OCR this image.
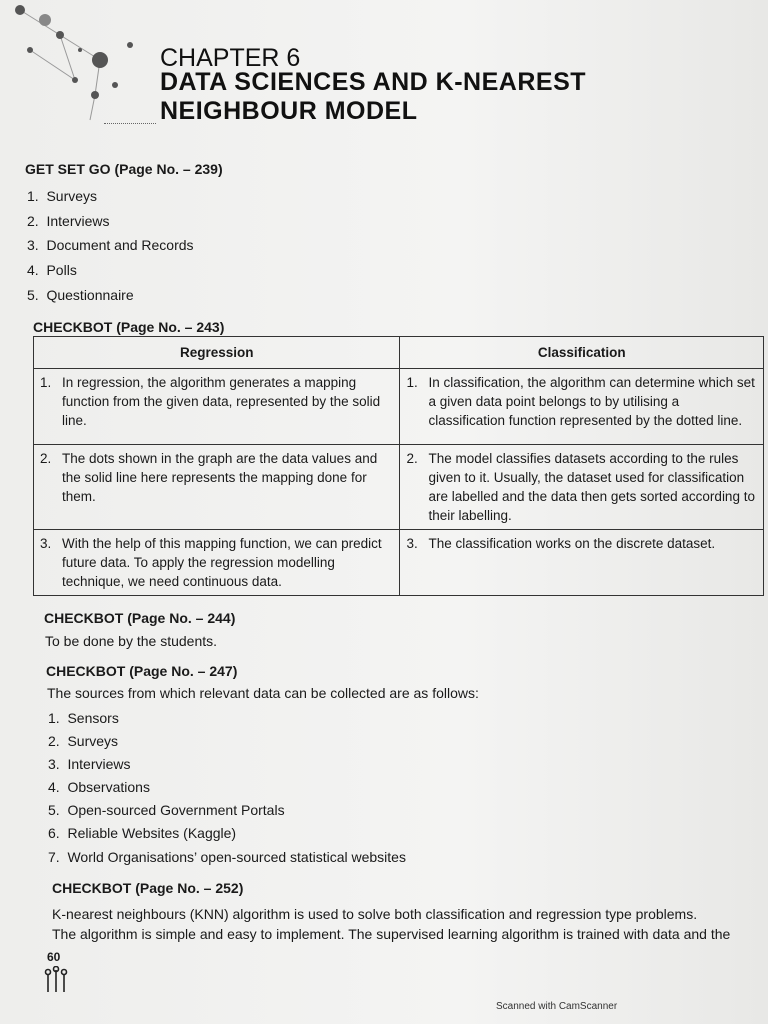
CHAPTER 6
DATA SCIENCES AND K-NEAREST
NEIGHBOUR MODEL
GET SET GO (Page No. – 239)
1. Surveys
2. Interviews
3. Document and Records
4. Polls
5. Questionnaire
CHECKBOT (Page No. – 243)
Regression	Classification

1. In regression, the algorithm generates a mapping function from the given data, represented by the solid line.	1. In classification, the algorithm can determine which set a given data point belongs to by utilising a classification function represented by the dotted line.

2. The dots shown in the graph are the data values and the solid line here represents the mapping done for them.	2. The model classifies datasets according to the rules given to it. Usually, the dataset used for classification are labelled and the data then gets sorted according to their labelling.

3. With the help of this mapping function, we can predict future data. To apply the regression modelling technique, we need continuous data.	3. The classification works on the discrete dataset.
CHECKBOT (Page No. – 244)
To be done by the students.
CHECKBOT (Page No. – 247)
The sources from which relevant data can be collected are as follows:
1. Sensors
2. Surveys
3. Interviews
4. Observations
5. Open-sourced Government Portals
6. Reliable Websites (Kaggle)
7. World Organisations’ open-sourced statistical websites
CHECKBOT (Page No. – 252)
K-nearest neighbours (KNN) algorithm is used to solve both classification and regression type problems.
The algorithm is simple and easy to implement. The supervised learning algorithm is trained with data and the
60
Scanned with CamScanner
